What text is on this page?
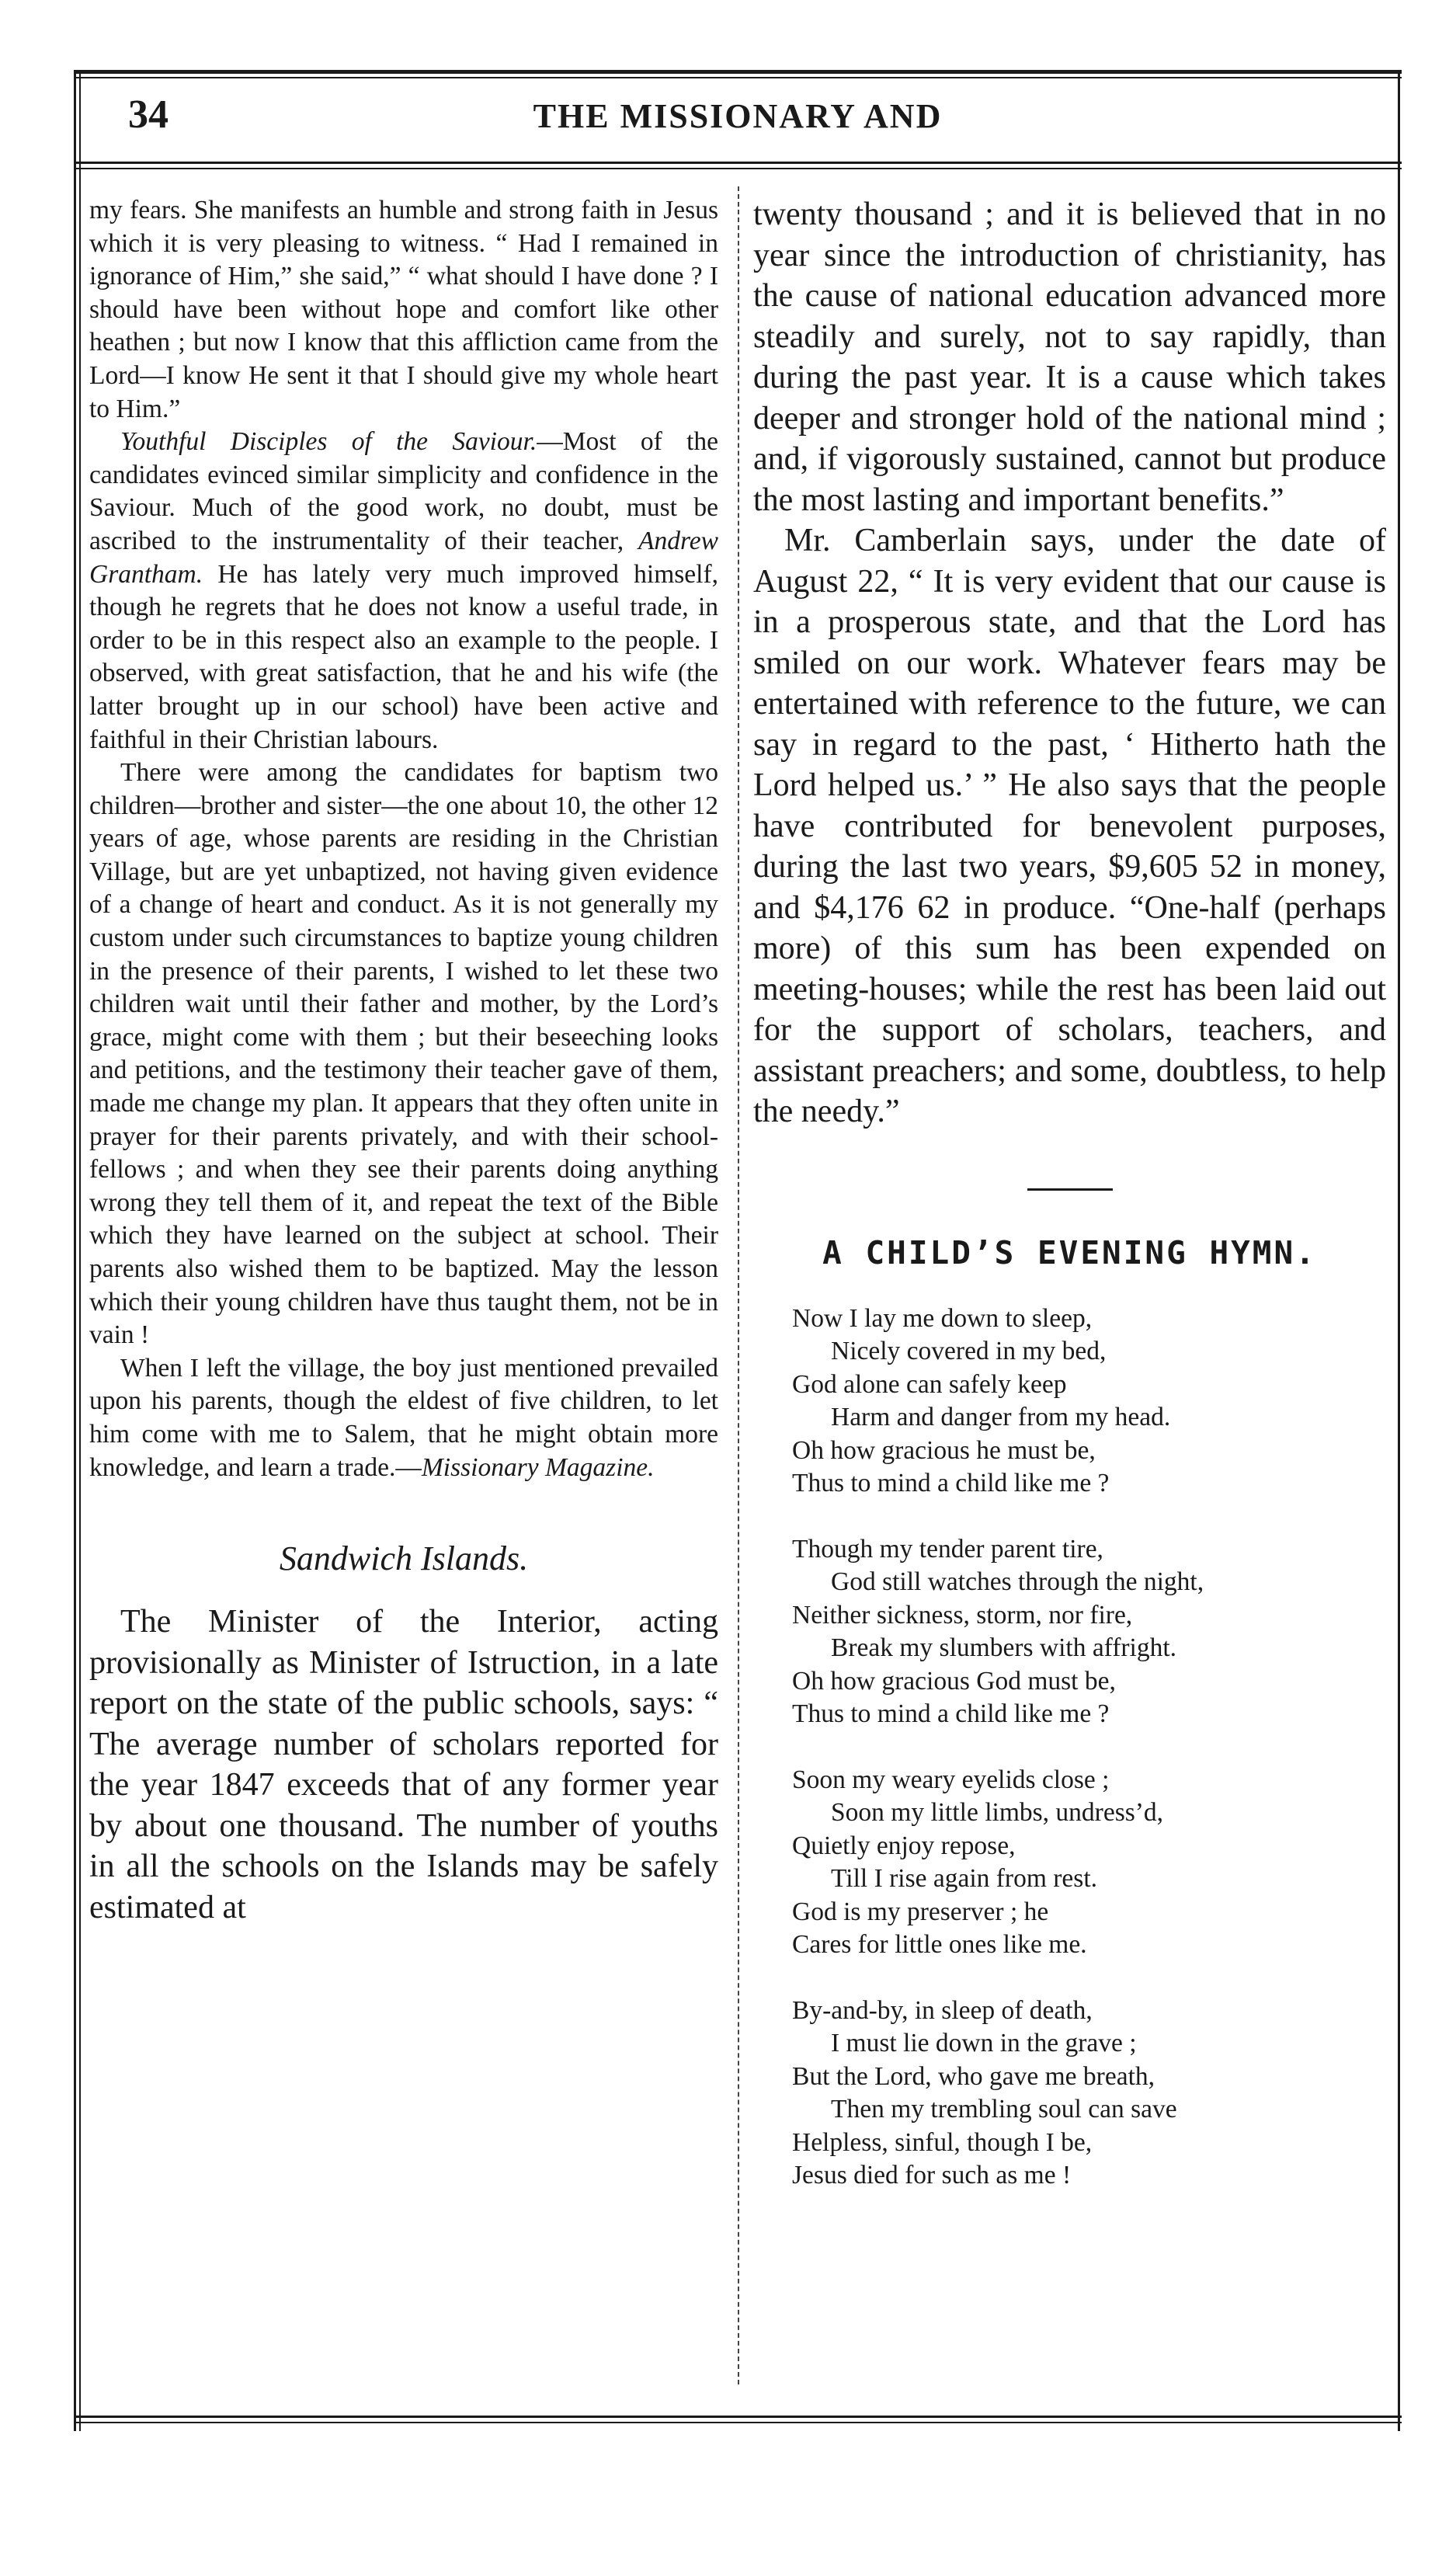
34	THE MISSIONARY AND

my fears. She manifests an humble and strong faith in Jesus which it is very pleasing to witness. “ Had I remained in ignorance of Him,” she said,” “ what should I have done ? I should have been without hope and comfort like other heathen ; but now I know that this affliction came from the Lord—I know He sent it that I should give my whole heart to Him.”

Youthful Disciples of the Saviour.—Most of the candidates evinced similar simplicity and confidence in the Saviour. Much of the good work, no doubt, must be ascribed to the instrumentality of their teacher, Andrew Grantham. He has lately very much improved himself, though he regrets that he does not know a useful trade, in order to be in this respect also an example to the people. I observed, with great satisfaction, that he and his wife (the latter brought up in our school) have been active and faithful in their Christian labours.

There were among the candidates for baptism two children—brother and sister—the one about 10, the other 12 years of age, whose parents are residing in the Christian Village, but are yet unbaptized, not having given evidence of a change of heart and conduct. As it is not generally my custom under such circumstances to baptize young children in the presence of their parents, I wished to let these two children wait until their father and mother, by the Lord’s grace, might come with them ; but their beseeching looks and petitions, and the testimony their teacher gave of them, made me change my plan. It appears that they often unite in prayer for their parents privately, and with their school-fellows ; and when they see their parents doing anything wrong they tell them of it, and repeat the text of the Bible which they have learned on the subject at school. Their parents also wished them to be baptized. May the lesson which their young children have thus taught them, not be in vain !

When I left the village, the boy just mentioned prevailed upon his parents, though the eldest of five children, to let him come with me to Salem, that he might obtain more knowledge, and learn a trade.—Missionary Magazine.

Sandwich Islands.

The Minister of the Interior, acting provisionally as Minister of Istruction, in a late report on the state of the public schools, says: “ The average number of scholars reported for the year 1847 exceeds that of any former year by about one thousand. The number of youths in all the schools on the Islands may be safely estimated at

twenty thousand ; and it is believed that in no year since the introduction of christianity, has the cause of national education advanced more steadily and surely, not to say rapidly, than during the past year. It is a cause which takes deeper and stronger hold of the national mind ; and, if vigorously sustained, cannot but produce the most lasting and important benefits.”

Mr. Camberlain says, under the date of August 22, “ It is very evident that our cause is in a prosperous state, and that the Lord has smiled on our work. Whatever fears may be entertained with reference to the future, we can say in regard to the past, ‘ Hitherto hath the Lord helped us.’ ” He also says that the people have contributed for benevolent purposes, during the last two years, $9,605 52 in money, and $4,176 62 in produce. “One-half (perhaps more) of this sum has been expended on meeting-houses; while the rest has been laid out for the support of scholars, teachers, and assistant preachers; and some, doubtless, to help the needy.”

A CHILD’S EVENING HYMN.
Now I lay me down to sleep,
Nicely covered in my bed,
God alone can safely keep
Harm and danger from my head.
Oh how gracious he must be,
Thus to mind a child like me ?
Though my tender parent tire,
God still watches through the night,
Neither sickness, storm, nor fire,
Break my slumbers with affright.
Oh how gracious God must be,
Thus to mind a child like me ?
Soon my weary eyelids close ;
Soon my little limbs, undress’d,
Quietly enjoy repose,
Till I rise again from rest.
God is my preserver ; he
Cares for little ones like me.
By-and-by, in sleep of death,
I must lie down in the grave ;
But the Lord, who gave me breath,
Then my trembling soul can save
Helpless, sinful, though I be,
Jesus died for such as me !
